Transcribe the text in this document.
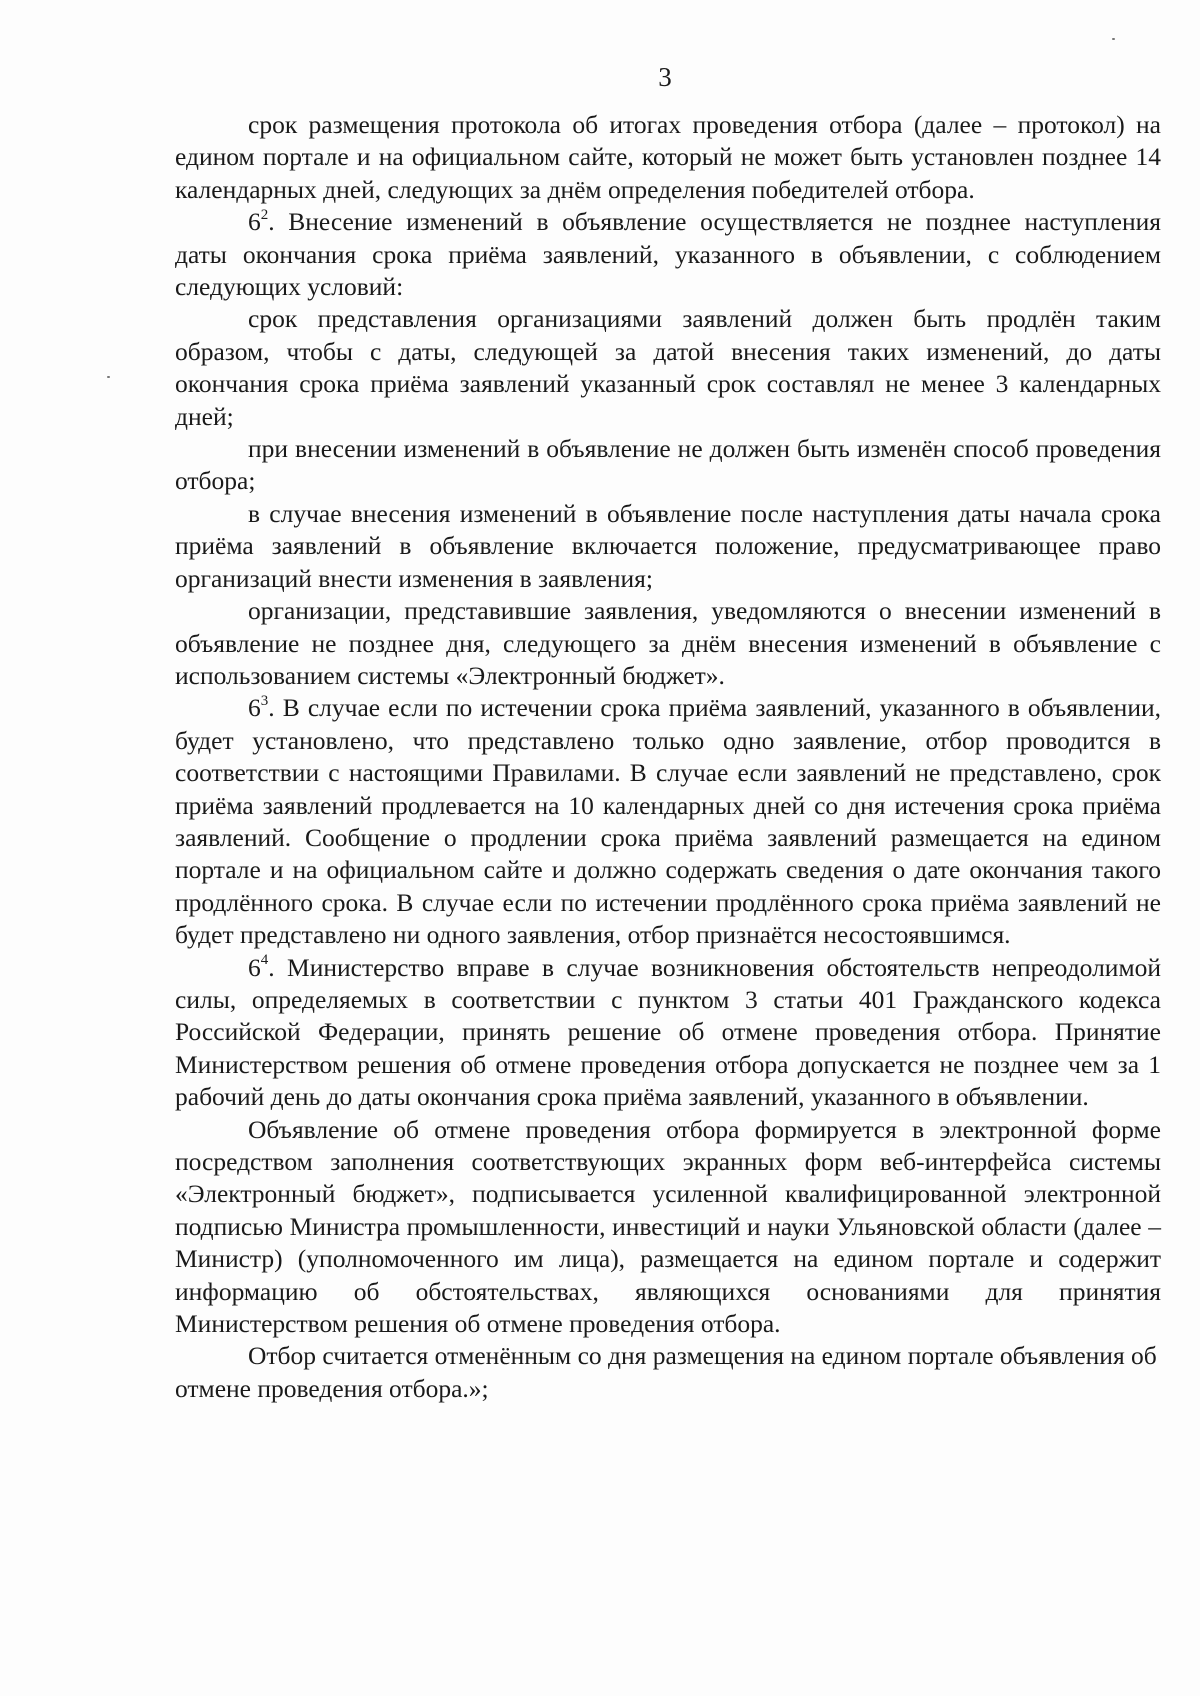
3

срок размещения протокола об итогах проведения отбора (далее – протокол) на едином портале и на официальном сайте, который не может быть установлен позднее 14 календарных дней, следующих за днём определения победителей отбора.

$6^2$. Внесение изменений в объявление осуществляется не позднее наступления даты окончания срока приёма заявлений, указанного в объявлении, с соблюдением следующих условий:

срок представления организациями заявлений должен быть продлён таким образом, чтобы с даты, следующей за датой внесения таких изменений, до даты окончания срока приёма заявлений указанный срок составлял не менее 3 календарных дней;

при внесении изменений в объявление не должен быть изменён способ проведения отбора;

в случае внесения изменений в объявление после наступления даты начала срока приёма заявлений в объявление включается положение, предусматривающее право организаций внести изменения в заявления;

организации, представившие заявления, уведомляются о внесении изменений в объявление не позднее дня, следующего за днём внесения изменений в объявление с использованием системы «Электронный бюджет».

$6^3$. В случае если по истечении срока приёма заявлений, указанного в объявлении, будет установлено, что представлено только одно заявление, отбор проводится в соответствии с настоящими Правилами. В случае если заявлений не представлено, срок приёма заявлений продлевается на 10 календарных дней со дня истечения срока приёма заявлений. Сообщение о продлении срока приёма заявлений размещается на едином портале и на официальном сайте и должно содержать сведения о дате окончания такого продлённого срока. В случае если по истечении продлённого срока приёма заявлений не будет представлено ни одного заявления, отбор признаётся несостоявшимся.

$6^4$. Министерство вправе в случае возникновения обстоятельств непреодолимой силы, определяемых в соответствии с пунктом 3 статьи 401 Гражданского кодекса Российской Федерации, принять решение об отмене проведения отбора. Принятие Министерством решения об отмене проведения отбора допускается не позднее чем за 1 рабочий день до даты окончания срока приёма заявлений, указанного в объявлении.

Объявление об отмене проведения отбора формируется в электронной форме посредством заполнения соответствующих экранных форм веб-интерфейса системы «Электронный бюджет», подписывается усиленной квалифицированной электронной подписью Министра промышленности, инвестиций и науки Ульяновской области (далее – Министр) (уполномоченного им лица), размещается на едином портале и содержит информацию об обстоятельствах, являющихся основаниями для принятия Министерством решения об отмене проведения отбора.

Отбор считается отменённым со дня размещения на едином портале объявления об отмене проведения отбора.»;
